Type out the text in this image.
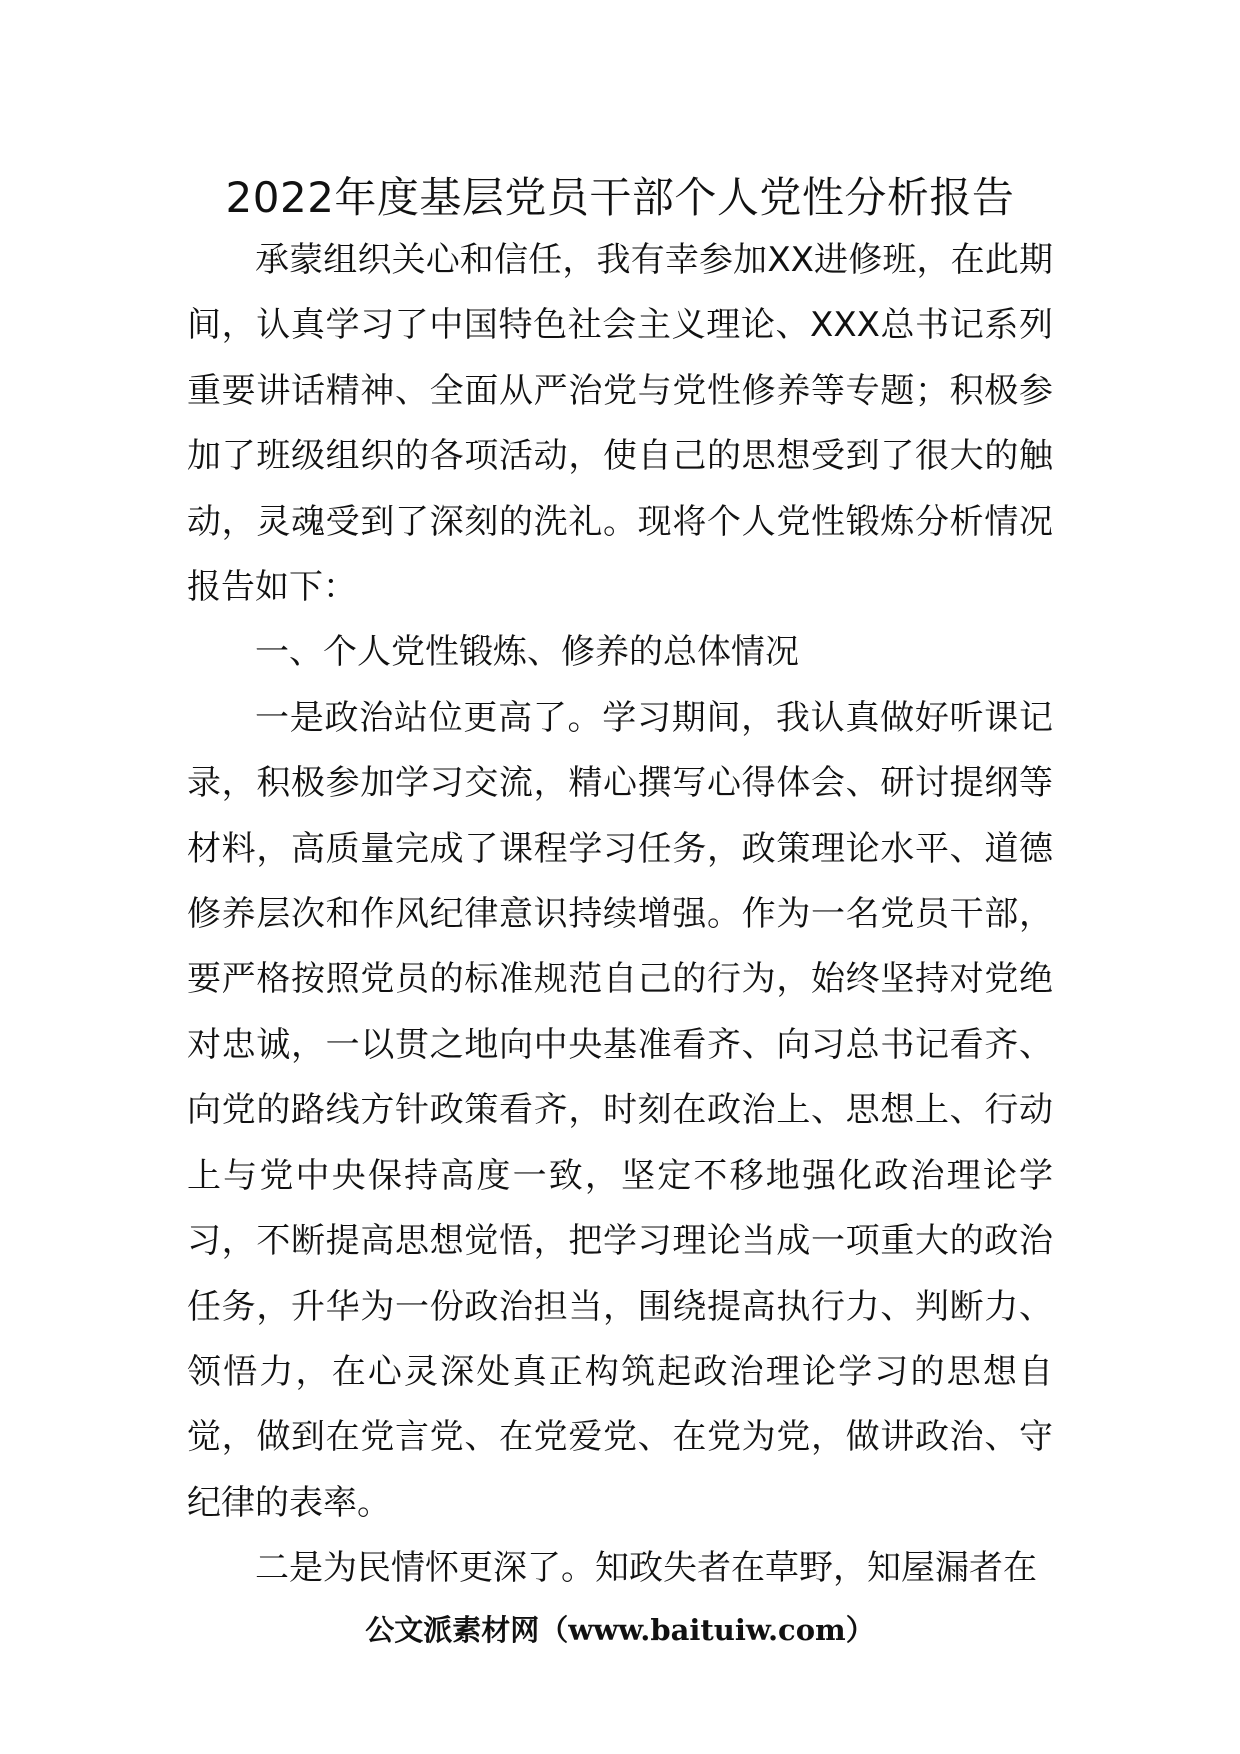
2022年度基层党员干部个人党性分析报告

承蒙组织关心和信任，我有幸参加XX进修班，在此期间，认真学习了中国特色社会主义理论、XXX总书记系列重要讲话精神、全面从严治党与党性修养等专题；积极参加了班级组织的各项活动，使自己的思想受到了很大的触动，灵魂受到了深刻的洗礼。现将个人党性锻炼分析情况报告如下：

一、个人党性锻炼、修养的总体情况

一是政治站位更高了。学习期间，我认真做好听课记录，积极参加学习交流，精心撰写心得体会、研讨提纲等材料，高质量完成了课程学习任务，政策理论水平、道德修养层次和作风纪律意识持续增强。作为一名党员干部，要严格按照党员的标准规范自己的行为，始终坚持对党绝对忠诚，一以贯之地向中央基准看齐、向习总书记看齐、向党的路线方针政策看齐，时刻在政治上、思想上、行动上与党中央保持高度一致，坚定不移地强化政治理论学习，不断提高思想觉悟，把学习理论当成一项重大的政治任务，升华为一份政治担当，围绕提高执行力、判断力、领悟力，在心灵深处真正构筑起政治理论学习的思想自觉，做到在党言党、在党爱党、在党为党，做讲政治、守纪律的表率。

二是为民情怀更深了。知政失者在草野，知屋漏者在

公文派素材网（www.baituiw.com）
